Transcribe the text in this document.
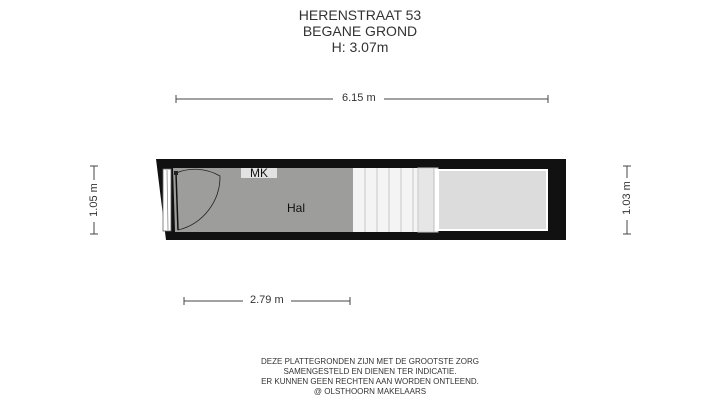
HERENSTRAAT 53
BEGANE GROND
H: 3.07m
MK
Hal
6.15 m
2.79 m
1.05 m	1.03 m
DEZE PLATTEGRONDEN ZIJN MET DE GROOTSTE ZORG
SAMENGESTELD EN DIENEN TER INDICATIE.
ER KUNNEN GEEN RECHTEN AAN WORDEN ONTLEEND.
@ OLSTHOORN MAKELAARS
